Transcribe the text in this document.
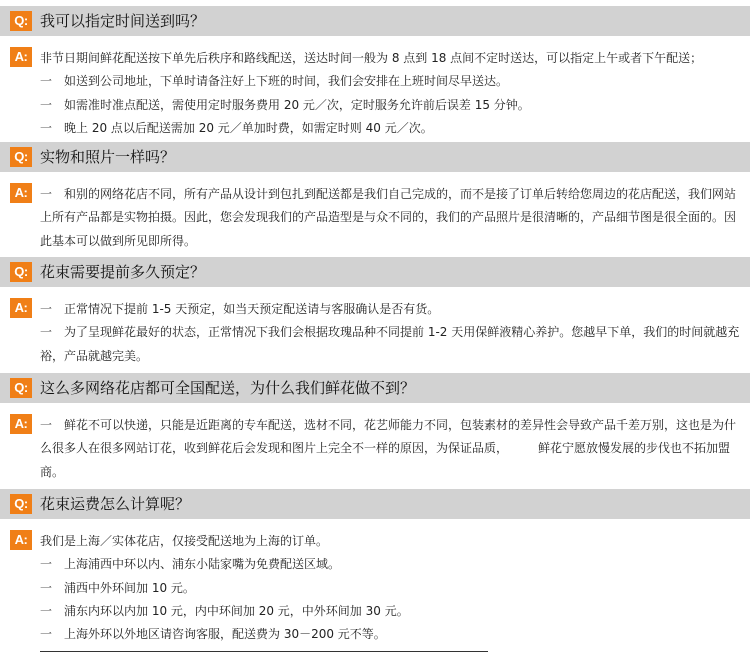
Q: 我可以指定时间送到吗？
A:	非节日期间鲜花配送按下单先后秩序和路线配送，送达时间一般为 8 点到 18 点间不定时送达，可以指定上午或者下午配送；

一　如送到公司地址，下单时请备注好上下班的时间，我们会安排在上班时间尽早送达。

一　如需准时准点配送，需使用定时服务费用 20 元／次，定时服务允许前后误差 15 分钟。

一　晚上 20 点以后配送需加 20 元／单加时费，如需定时则 40 元／次。

Q: 实物和照片一样吗？
A:	一　和别的网络花店不同，所有产品从设计到包扎到配送都是我们自己完成的，而不是接了订单后转给您周边的花店配送，我们网站上所有产品都是实物拍摄。因此，您会发现我们的产品造型是与众不同的，我们的产品照片是很清晰的，产品细节图是很全面的。因此基本可以做到所见即所得。

Q: 花束需要提前多久预定？
A:	一　正常情况下提前 1-5 天预定，如当天预定配送请与客服确认是否有货。

一　为了呈现鲜花最好的状态，正常情况下我们会根据玫瑰品种不同提前 1-2 天用保鲜液精心养护。您越早下单，我们的时间就越充裕，产品就越完美。

Q: 这么多网络花店都可全国配送，为什么我们鲜花做不到？
A:	一　鲜花不可以快递，只能是近距离的专车配送，选材不同，花艺师能力不同，包装素材的差异性会导致产品千差万别，这也是为什么很多人在很多网站订花，收到鲜花后会发现和图片上完全不一样的原因，为保证品质，　　　鲜花宁愿放慢发展的步伐也不拓加盟商。

Q: 花束运费怎么计算呢？
A:	我们是上海／实体花店，仅接受配送地为上海的订单。

一　上海浦西中环以内、浦东小陆家嘴为免费配送区域。

一　浦西中外环间加 10 元。

一　浦东内环以内加 10 元，内中环间加 20 元，中外环间加 30 元。

一　上海外环以外地区请咨询客服，配送费为 30－200 元不等。
